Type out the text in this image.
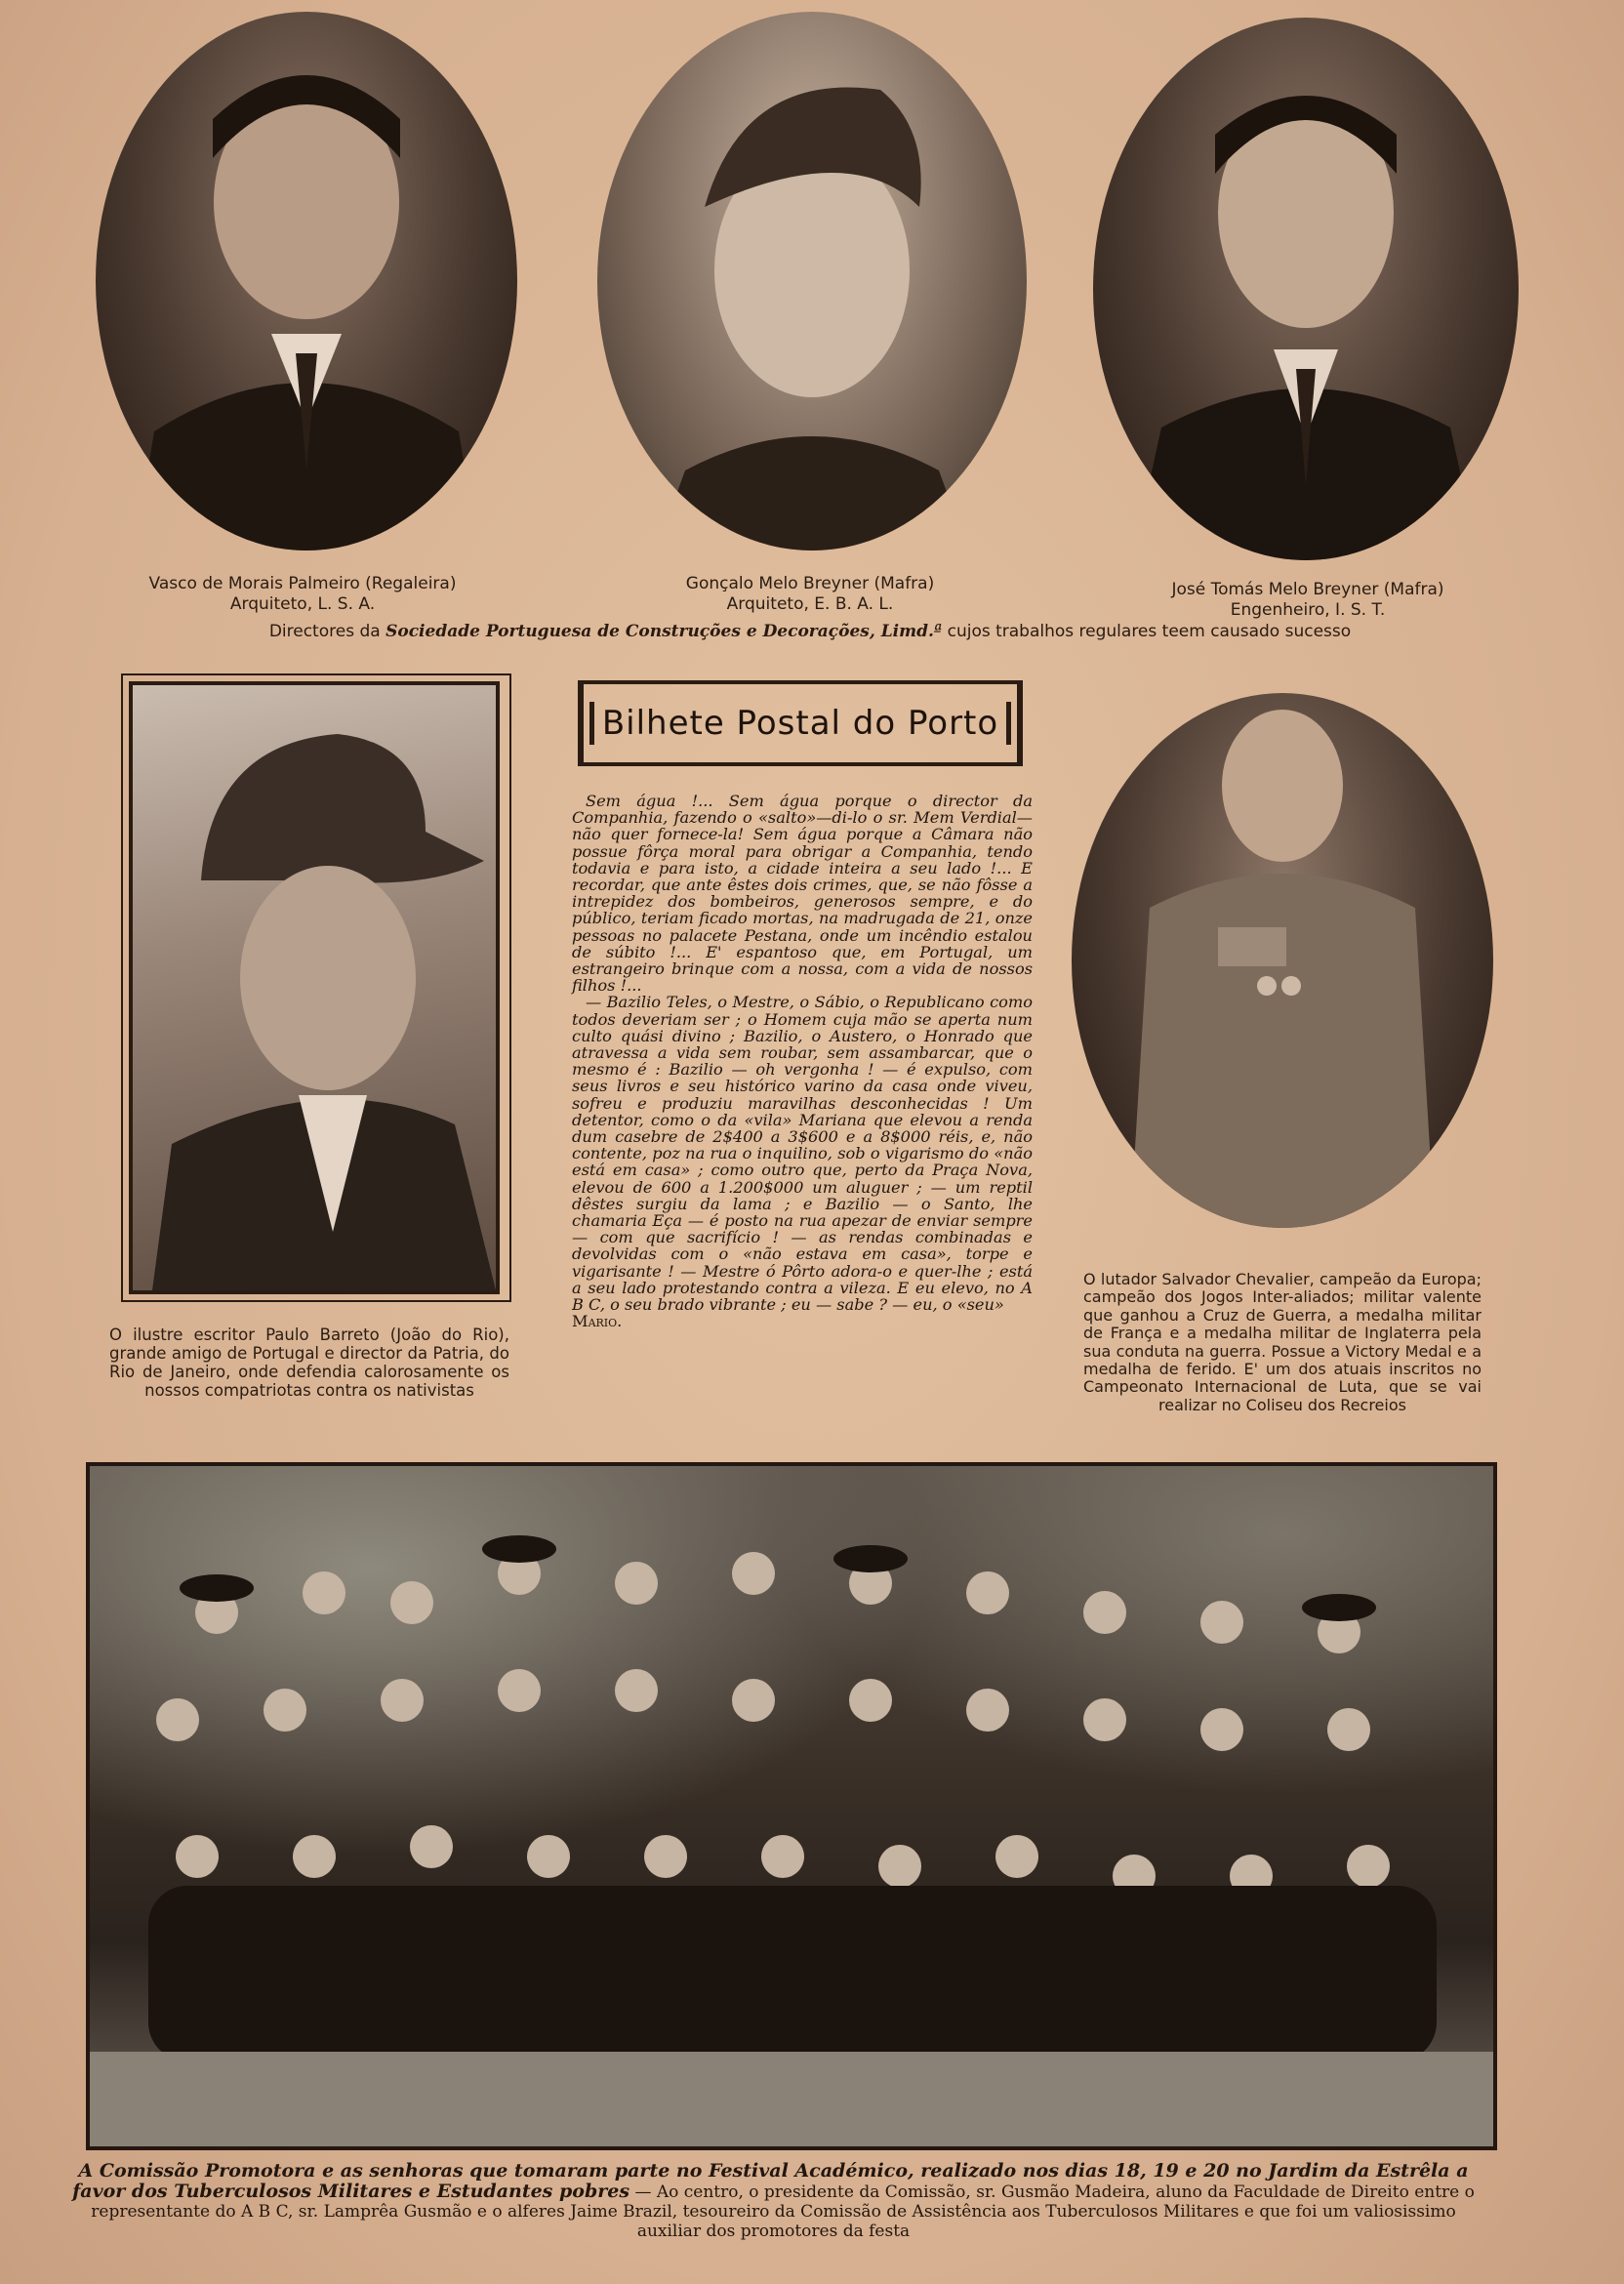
Vasco de Morais Palmeiro (Regaleira)
Arquiteto, L. S. A.
Gonçalo Melo Breyner (Mafra)
Arquiteto, E. B. A. L.
José Tomás Melo Breyner (Mafra)
Engenheiro, I. S. T.
Directores da Sociedade Portuguesa de Construções e Decorações, Limd.ª cujos trabalhos regulares teem causado sucesso
O ilustre escritor Paulo Barreto (João do Rio), grande amigo de Portugal e director da Patria, do Rio de Janeiro, onde defendia calorosamente os nossos compatriotas contra os nativistas
Bilhete Postal do Porto

Sem água !... Sem água porque o director da Companhia, fazendo o «salto»—di-lo o sr. Mem Verdial—não quer fornece-la! Sem água porque a Câmara não possue fôrça moral para obrigar a Companhia, tendo todavia e para isto, a cidade inteira a seu lado !... E recordar, que ante êstes dois crimes, que, se não fôsse a intrepidez dos bombeiros, generosos sempre, e do público, teriam ficado mortas, na madrugada de 21, onze pessoas no palacete Pestana, onde um incêndio estalou de súbito !... E' espantoso que, em Portugal, um estrangeiro brinque com a nossa, com a vida de nossos filhos !...

— Bazilio Teles, o Mestre, o Sábio, o Republicano como todos deveriam ser ; o Homem cuja mão se aperta num culto quási divino ; Bazilio, o Austero, o Honrado que atravessa a vida sem roubar, sem assambarcar, que o mesmo é : Bazilio — oh vergonha ! — é expulso, com seus livros e seu histórico varino da casa onde viveu, sofreu e produziu maravilhas desconhecidas ! Um detentor, como o da «vila» Mariana que elevou a renda dum casebre de 2$400 a 3$600 e a 8$000 réis, e, não contente, poz na rua o inquilino, sob o vigarismo do «não está em casa» ; como outro que, perto da Praça Nova, elevou de 600 a 1.200$000 um aluguer ; — um reptil dêstes surgiu da lama ; e Bazilio — o Santo, lhe chamaria Eça — é posto na rua apezar de enviar sempre — com que sacrifício ! — as rendas combinadas e devolvidas com o «não estava em casa», torpe e vigarisante ! — Mestre ó Pôrto adora-o e quer-lhe ; está a seu lado protestando contra a vileza. E eu elevo, no A B C, o seu brado vibrante ; eu — sabe ? — eu, o «seu»

Mario.

O lutador Salvador Chevalier, campeão da Europa; campeão dos Jogos Inter-aliados; militar valente que ganhou a Cruz de Guerra, a medalha militar de França e a medalha militar de Inglaterra pela sua conduta na guerra. Possue a Victory Medal e a medalha de ferido. E' um dos atuais inscritos no Campeonato Internacional de Luta, que se vai realizar no Coliseu dos Recreios
A Comissão Promotora e as senhoras que tomaram parte no Festival Académico, realizado nos dias 18, 19 e 20 no Jardim da Estrêla a favor dos Tuberculosos Militares e Estudantes pobres — Ao centro, o presidente da Comissão, sr. Gusmão Madeira, aluno da Faculdade de Direito entre o representante do A B C, sr. Lamprêa Gusmão e o alferes Jaime Brazil, tesoureiro da Comissão de Assistência aos Tuberculosos Militares e que foi um valiosissimo auxiliar dos promotores da festa
